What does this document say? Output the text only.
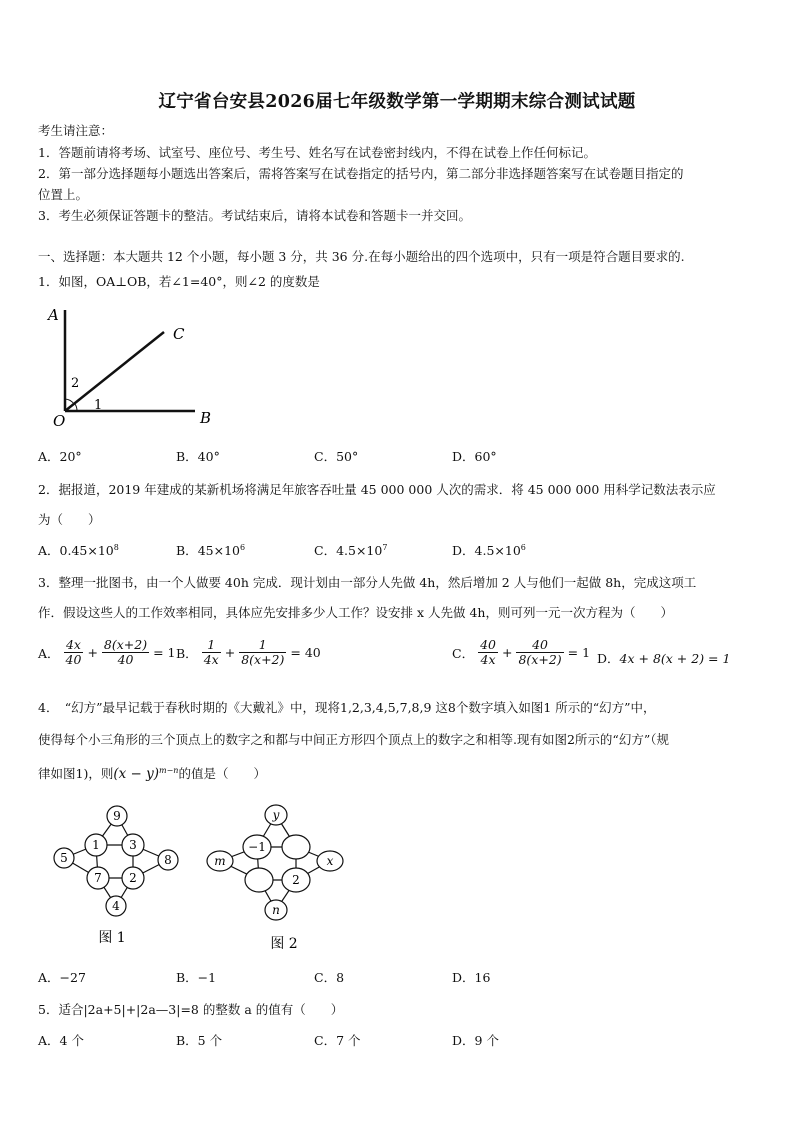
辽宁省台安县2026届七年级数学第一学期期末综合测试试题
考生请注意：
1．答题前请将考场、试室号、座位号、考生号、姓名写在试卷密封线内，不得在试卷上作任何标记。
2．第一部分选择题每小题选出答案后，需将答案写在试卷指定的括号内，第二部分非选择题答案写在试卷题目指定的
位置上。
3．考生必须保证答题卡的整洁。考试结束后，请将本试卷和答题卡一并交回。
一、选择题：本大题共 12 个小题，每小题 3 分，共 36 分.在每小题给出的四个选项中，只有一项是符合题目要求的.
1．如图，OA⊥OB，若∠1=40°，则∠2 的度数是
A
C
B
O
2
1
A．20°	B．40°	C．50°	D．60°
2．据报道，2019 年建成的某新机场将满足年旅客吞吐量 45 000 000 人次的需求．将 45 000 000 用科学记数法表示应
为（　　）
A．$0.45\times 10^8$	B．$45\times 10^6$	C．$4.5\times 10^7$	D．$4.5\times 10^6$
3．整理一批图书，由一个人做要 40h 完成．现计划由一部分人先做 4h，然后增加 2 人与他们一起做 8h，完成这项工
作．假设这些人的工作效率相同，具体应先安排多少人工作？设安排 x 人先做 4h，则可列一元一次方程为（　　）
A． $\frac{4x}{40} + \frac{8(x+2)}{40} = 1$ B． $\frac{1}{4x} + \frac{1}{8(x+2)} = 40$	C． $\frac{40}{4x} + \frac{40}{8(x+2)} = 1$ D．4x + 8(x + 2) = 1
4．　“幻方”最早记载于春秋时期的《大戴礼》中，现将1,2,3,4,5,7,8,9 这8个数字填入如图1 所示的“幻方”中，
使得每个小三角形的三个顶点上的数字之和都与中间正方形四个顶点上的数字之和相等.现有如图2所示的“幻方”（规
律如图1)，则$(x - y)^{m-n}$的值是（　　）
9
5	8
4
1 3
7 2
图 1
y
m	x
n
−1
2
图 2
A．−27	B．−1	C．8	D．16
5．适合|2a+5|+|2a—3|=8 的整数 a 的值有（　　）
A．4 个	B．5 个	C．7 个	D．9 个
